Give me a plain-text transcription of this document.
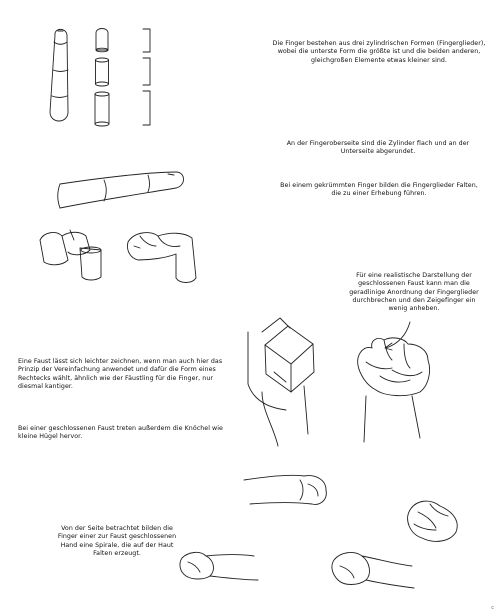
Die Finger bestehen aus drei zylindrischen Formen (Fingerglieder), wobei die unterste Form die größte ist und die beiden anderen, gleichgroßen Elemente etwas kleiner sind.
An der Fingeroberseite sind die Zylinder flach und an der Unterseite abgerundet.
Bei einem gekrümmten Finger bilden die Fingerglieder Falten, die zu einer Erhebung führen.
Für eine realistische Darstellung der geschlossenen Faust kann man die geradlinige Anordnung der Fingerglieder durchbrechen und den Zeigefinger ein wenig anheben.
Eine Faust lässt sich leichter zeichnen, wenn man auch hier das Prinzip der Vereinfachung anwendet und dafür die Form eines Rechtecks wählt, ähnlich wie der Fäustling für die Finger, nur diesmal kantiger.
Bei einer geschlossenen Faust treten außerdem die Knöchel wie kleine Hügel hervor.
Von der Seite betrachtet bilden die Finger einer zur Faust geschlossenen Hand eine Spirale, die auf der Haut Falten erzeugt.
c
